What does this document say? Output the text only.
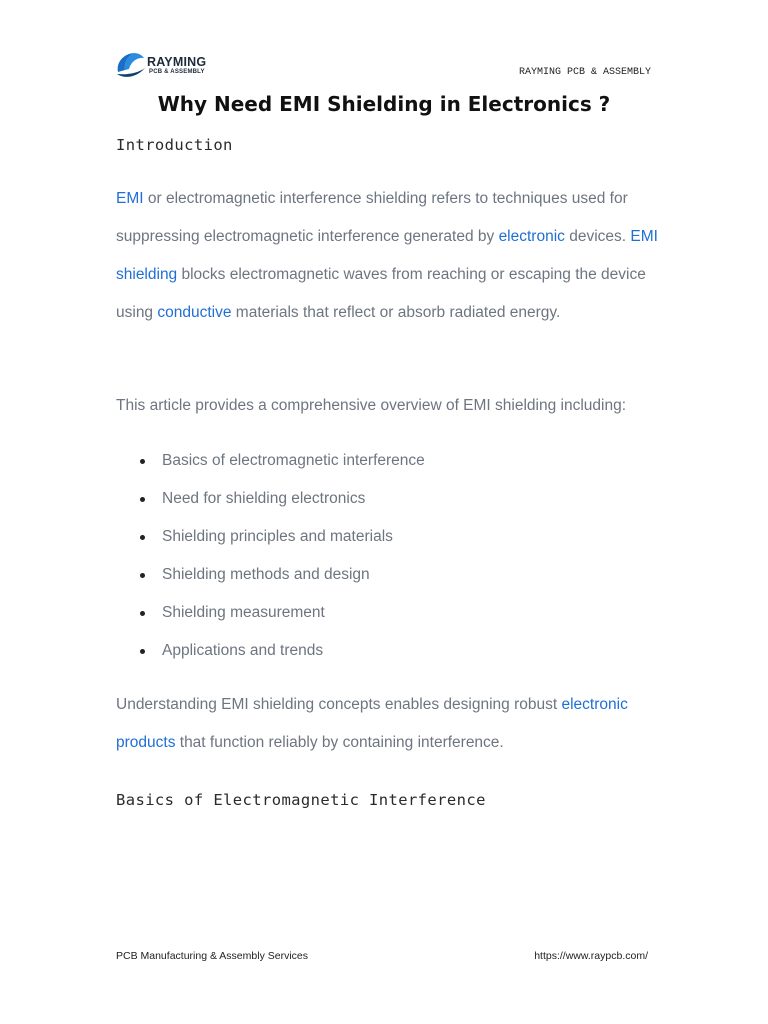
RAYMING
PCB & ASSEMBLY	RAYMING PCB & ASSEMBLY
Why Need EMI Shielding in Electronics ?
Introduction

EMI or electromagnetic interference shielding refers to techniques used for suppressing electromagnetic interference generated by electronic devices. EMI shielding blocks electromagnetic waves from reaching or escaping the device using conductive materials that reflect or absorb radiated energy.

This article provides a comprehensive overview of EMI shielding including:

Basics of electromagnetic interference
Need for shielding electronics
Shielding principles and materials
Shielding methods and design
Shielding measurement
Applications and trends

Understanding EMI shielding concepts enables designing robust electronic products that function reliably by containing interference.

Basics of Electromagnetic Interference
PCB Manufacturing & Assembly Services	https://www.raypcb.com/
